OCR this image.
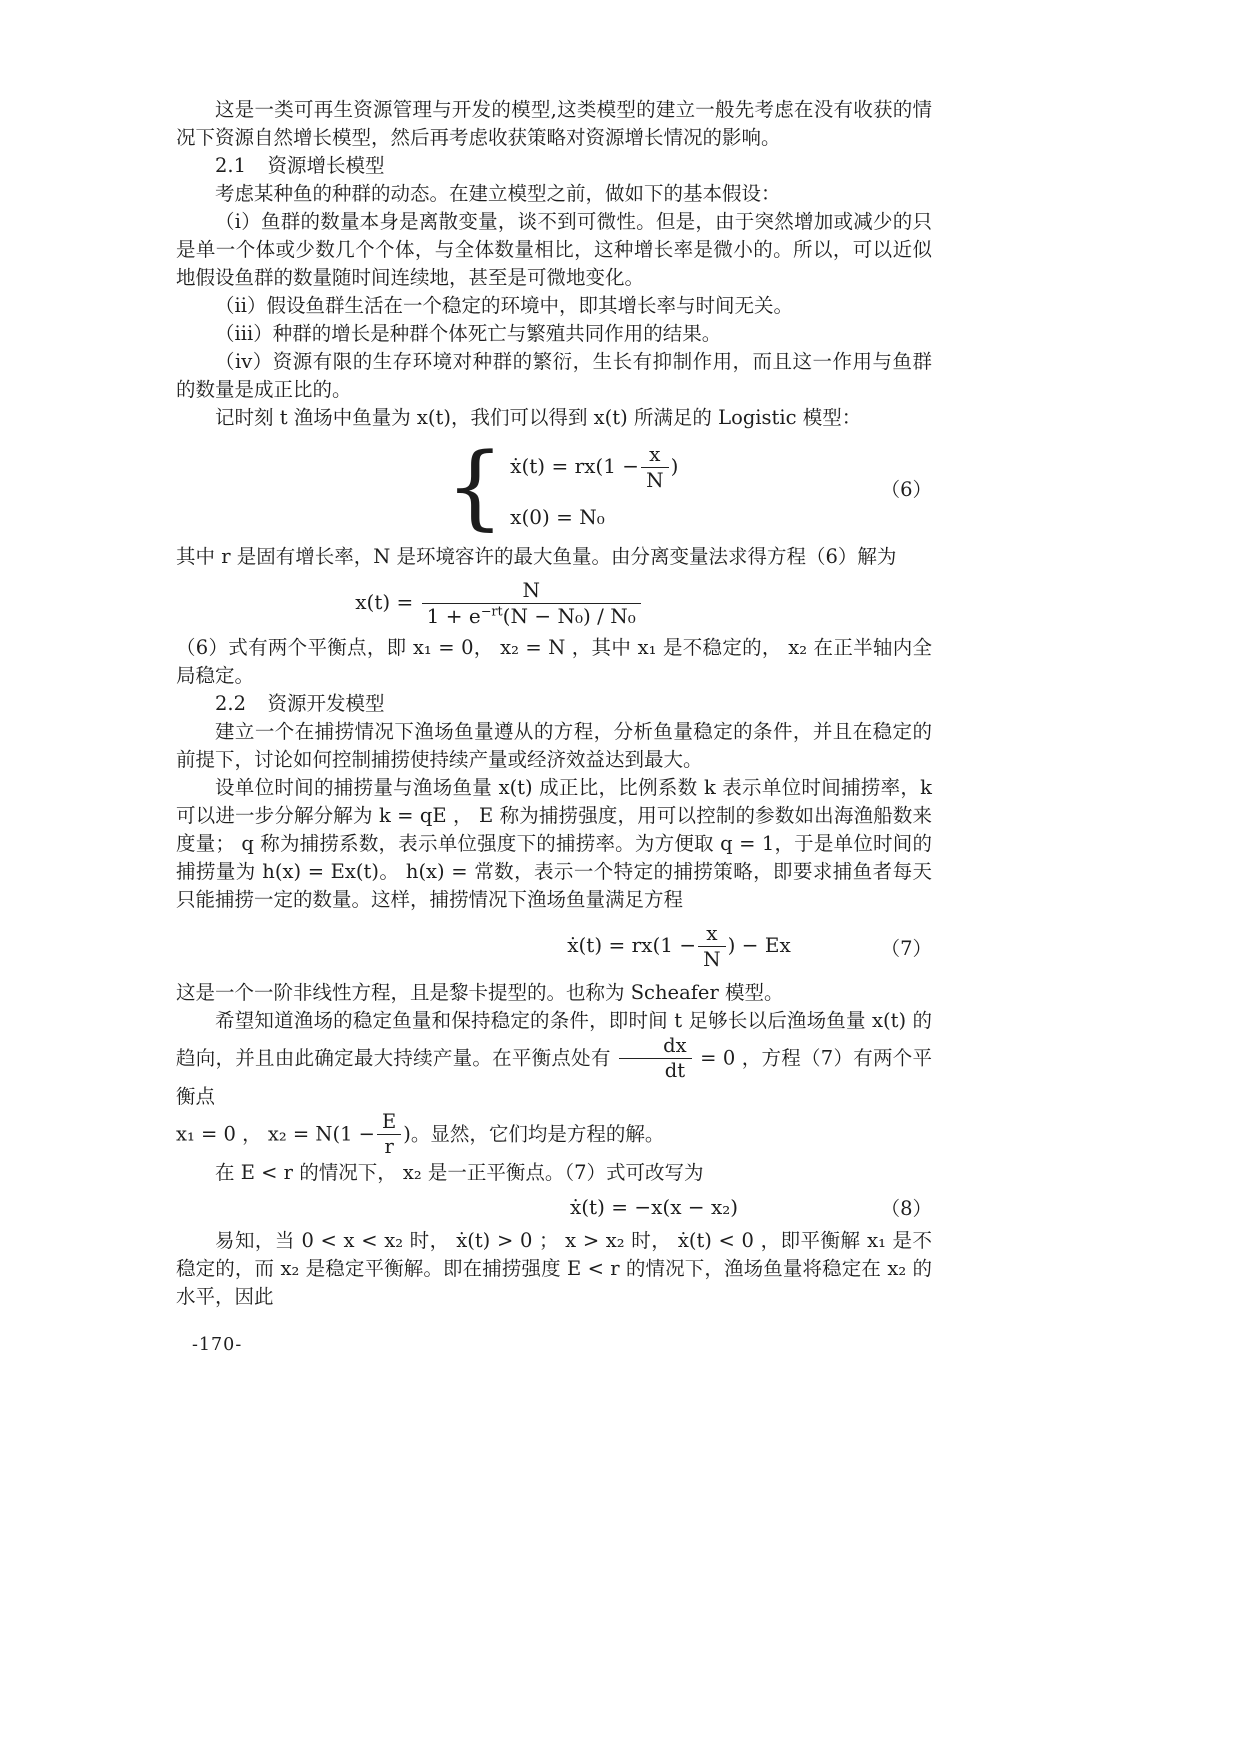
这是一类可再生资源管理与开发的模型,这类模型的建立一般先考虑在没有收获的情况下资源自然增长模型，然后再考虑收获策略对资源增长情况的影响。

2.1 资源增长模型

考虑某种鱼的种群的动态。在建立模型之前，做如下的基本假设：

（i）鱼群的数量本身是离散变量，谈不到可微性。但是，由于突然增加或减少的只是单一个体或少数几个个体，与全体数量相比，这种增长率是微小的。所以，可以近似地假设鱼群的数量随时间连续地，甚至是可微地变化。

（ii）假设鱼群生活在一个稳定的环境中，即其增长率与时间无关。

（iii）种群的增长是种群个体死亡与繁殖共同作用的结果。

（iv）资源有限的生存环境对种群的繁衍，生长有抑制作用，而且这一作用与鱼群的数量是成正比的。

记时刻 t 渔场中鱼量为 x(t)，我们可以得到 x(t) 所满足的 Logistic 模型：

{ ẋ(t) = $rx(1 - \frac{x}{N}$ )
x(0) = N₀
（6）

其中 r 是固有增长率，N 是环境容许的最大鱼量。由分离变量法求得方程（6）解为

$x(t) = \frac{N}{1 + e^{-rt}(N - N_0) / N_0}$

（6）式有两个平衡点，即 x₁ = 0， x₂ = N ，其中 x₁ 是不稳定的， x₂ 在正半轴内全局稳定。

2.2 资源开发模型

建立一个在捕捞情况下渔场鱼量遵从的方程，分析鱼量稳定的条件，并且在稳定的前提下，讨论如何控制捕捞使持续产量或经济效益达到最大。

设单位时间的捕捞量与渔场鱼量 x(t) 成正比，比例系数 k 表示单位时间捕捞率，k 可以进一步分解分解为 k = qE ， E 称为捕捞强度，用可以控制的参数如出海渔船数来度量； q 称为捕捞系数，表示单位强度下的捕捞率。为方便取 q = 1，于是单位时间的捕捞量为 h(x) = Ex(t)。 h(x) = 常数，表示一个特定的捕捞策略，即要求捕鱼者每天只能捕捞一定的数量。这样，捕捞情况下渔场鱼量满足方程

ẋ(t) = $rx(1 - \frac{x}{N}$ ) − Ex	（7）

这是一个一阶非线性方程，且是黎卡提型的。也称为 Scheafer 模型。

希望知道渔场的稳定鱼量和保持稳定的条件，即时间 t 足够长以后渔场鱼量 x(t) 的趋向，并且由此确定最大持续产量。在平衡点处有 $\frac{dx}{dt} = 0$ ，方程（7）有两个平衡点

x₁ = 0 ， $x_2 = N(1 - \frac{E}{r}$ )。显然，它们均是方程的解。

在 E < r 的情况下， x₂ 是一正平衡点。（7）式可改写为

ẋ(t) = −x(x − x₂)	（8）

易知，当 0 < x < x₂ 时， ẋ(t) > 0 ； x > x₂ 时， ẋ(t) < 0 ，即平衡解 x₁ 是不稳定的，而 x₂ 是稳定平衡解。即在捕捞强度 E < r 的情况下，渔场鱼量将稳定在 x₂ 的水平，因此

-170-
